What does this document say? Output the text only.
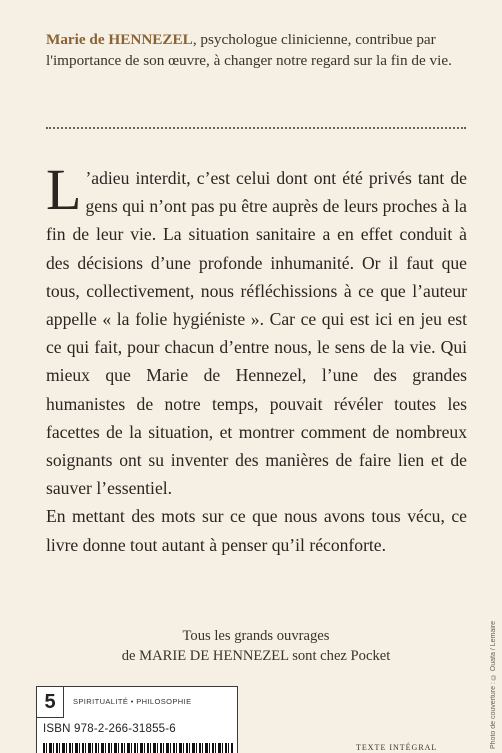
Marie de HENNEZEL, psychologue clinicienne, contribue par l'importance de son œuvre, à changer notre regard sur la fin de vie.

L ’adieu interdit, c’est celui dont ont été privés tant de gens qui n’ont pas pu être auprès de leurs proches à la fin de leur vie. La situation sanitaire a en effet conduit à des décisions d’une profonde inhumanité. Or il faut que tous, collectivement, nous réfléchissions à ce que l’auteur appelle « la folie hygiéniste ». Car ce qui est ici en jeu est ce qui fait, pour chacun d’entre nous, le sens de la vie. Qui mieux que Marie de Hennezel, l’une des grandes humanistes de notre temps, pouvait révéler toutes les facettes de la situation, et montrer comment de nombreux soignants ont su inventer des manières de faire lien et de sauver l’essentiel.

En mettant des mots sur ce que nous avons tous vécu, ce livre donne tout autant à penser qu’il réconforte.

Tous les grands ouvrages
de MARIE DE HENNEZEL sont chez Pocket
5	SPIRITUALITÉ • PHILOSOPHIE
ISBN 978-2-266-31855-6	Photo de couverture : © Ouafa / Lemaire
TEXTE INTÉGRAL
